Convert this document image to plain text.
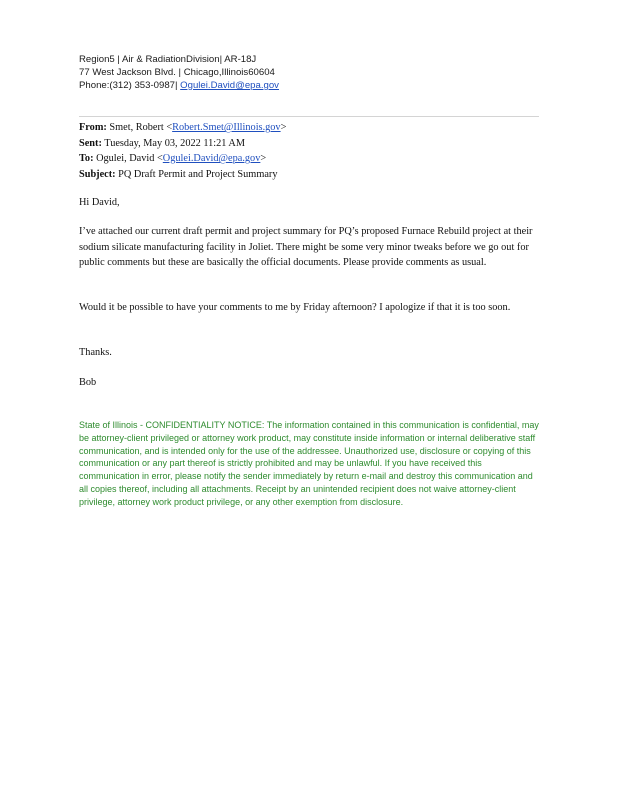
Region5 | Air & RadiationDivision| AR-18J
77 West Jackson Blvd. | Chicago,Illinois60604
Phone:(312) 353-0987| Ogulei.David@epa.gov
From: Smet, Robert <Robert.Smet@Illinois.gov>
Sent: Tuesday, May 03, 2022 11:21 AM
To: Ogulei, David <Ogulei.David@epa.gov>
Subject: PQ Draft Permit and Project Summary
Hi David,
I’ve attached our current draft permit and project summary for PQ’s proposed Furnace Rebuild project at their sodium silicate manufacturing facility in Joliet. There might be some very minor tweaks before we go out for public comments but these are basically the official documents. Please provide comments as usual.
Would it be possible to have your comments to me by Friday afternoon? I apologize if that it is too soon.
Thanks.
Bob
State of Illinois - CONFIDENTIALITY NOTICE: The information contained in this communication is confidential, may be attorney-client privileged or attorney work product, may constitute inside information or internal deliberative staff communication, and is intended only for the use of the addressee. Unauthorized use, disclosure or copying of this communication or any part thereof is strictly prohibited and may be unlawful. If you have received this communication in error, please notify the sender immediately by return e-mail and destroy this communication and all copies thereof, including all attachments. Receipt by an unintended recipient does not waive attorney-client privilege, attorney work product privilege, or any other exemption from disclosure.
